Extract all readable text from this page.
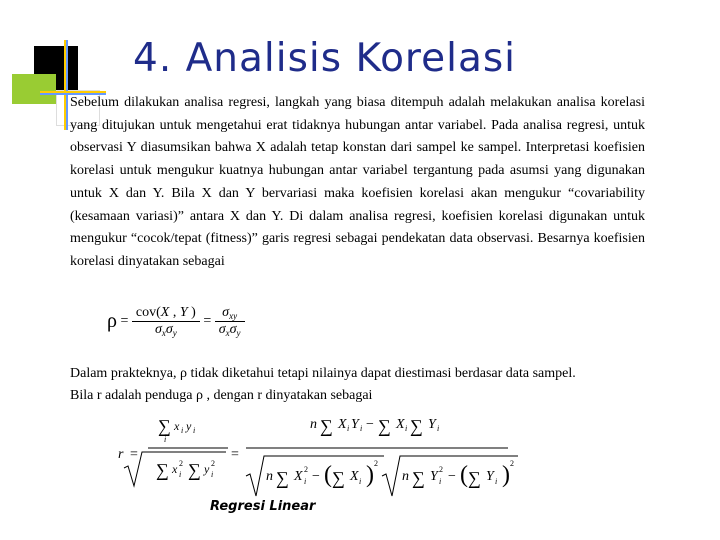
4. Analisis Korelasi

Sebelum dilakukan analisa regresi, langkah yang biasa ditempuh adalah melakukan analisa korelasi yang ditujukan untuk mengetahui erat tidaknya hubungan antar variabel. Pada analisa regresi, untuk observasi Y diasumsikan bahwa X adalah tetap konstan dari sampel ke sampel. Interpretasi koefisien korelasi untuk mengukur kuatnya hubungan antar variabel tergantung pada asumsi yang digunakan untuk X dan Y. Bila X dan Y bervariasi maka koefisien korelasi akan mengukur “covariability (kesamaan variasi)” antara X dan Y. Di dalam analisa regresi, koefisien korelasi digunakan untuk mengukur “cocok/tepat (fitness)” garis regresi sebagai pendekatan data observasi. Besarnya koefisien korelasi dinyatakan sebagai

$\rho = \frac{\text{cov(X , Y )}}{\sigma_x\sigma_y} = \frac{\sigma_{xy}}{\sigma_x\sigma_y}$

Dalam prakteknya, ρ tidak diketahui tetapi nilainya dapat diestimasi berdasar data sampel.
Bila r adalah penduga ρ , dengan r dinyatakan sebagai

r =
∑ x i y i
i
∑ x 2
i ∑ y 2
i
=
n ∑ X i Y i − ∑ X i ∑ Y i
n ∑ X 2
i − ( ∑ X i ) 2
n ∑ Y 2
i − ( ∑ Y i ) 2
Regresi Linear
